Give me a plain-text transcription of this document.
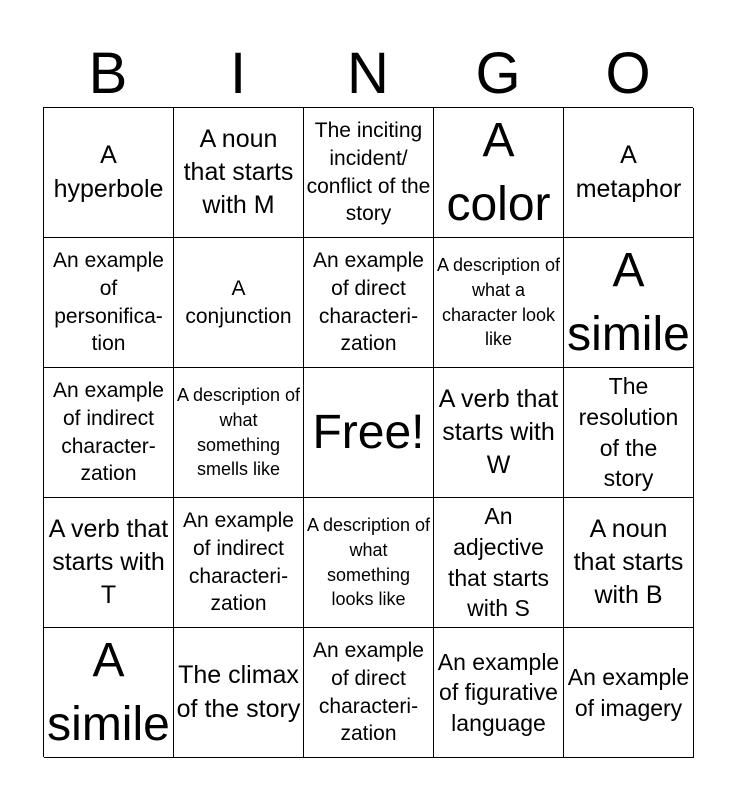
B	I	N	G	O
A hyperbole
A noun that starts with M
The inciting incident/ conflict of the story
A color
A metaphor
An example of personifica- tion
A conjunction
An example of direct characteri- zation
A description of what a character look like
A simile
An example of indirect character- zation
A description of what something smells like
Free!
A verb that starts with W
The resolution of the story
A verb that starts with T
An example of indirect characteri- zation
A description of what something looks like
An adjective that starts with S
A noun that starts with B
A simile
The climax of the story
An example of direct characteri- zation
An example of figurative language
An example of imagery
